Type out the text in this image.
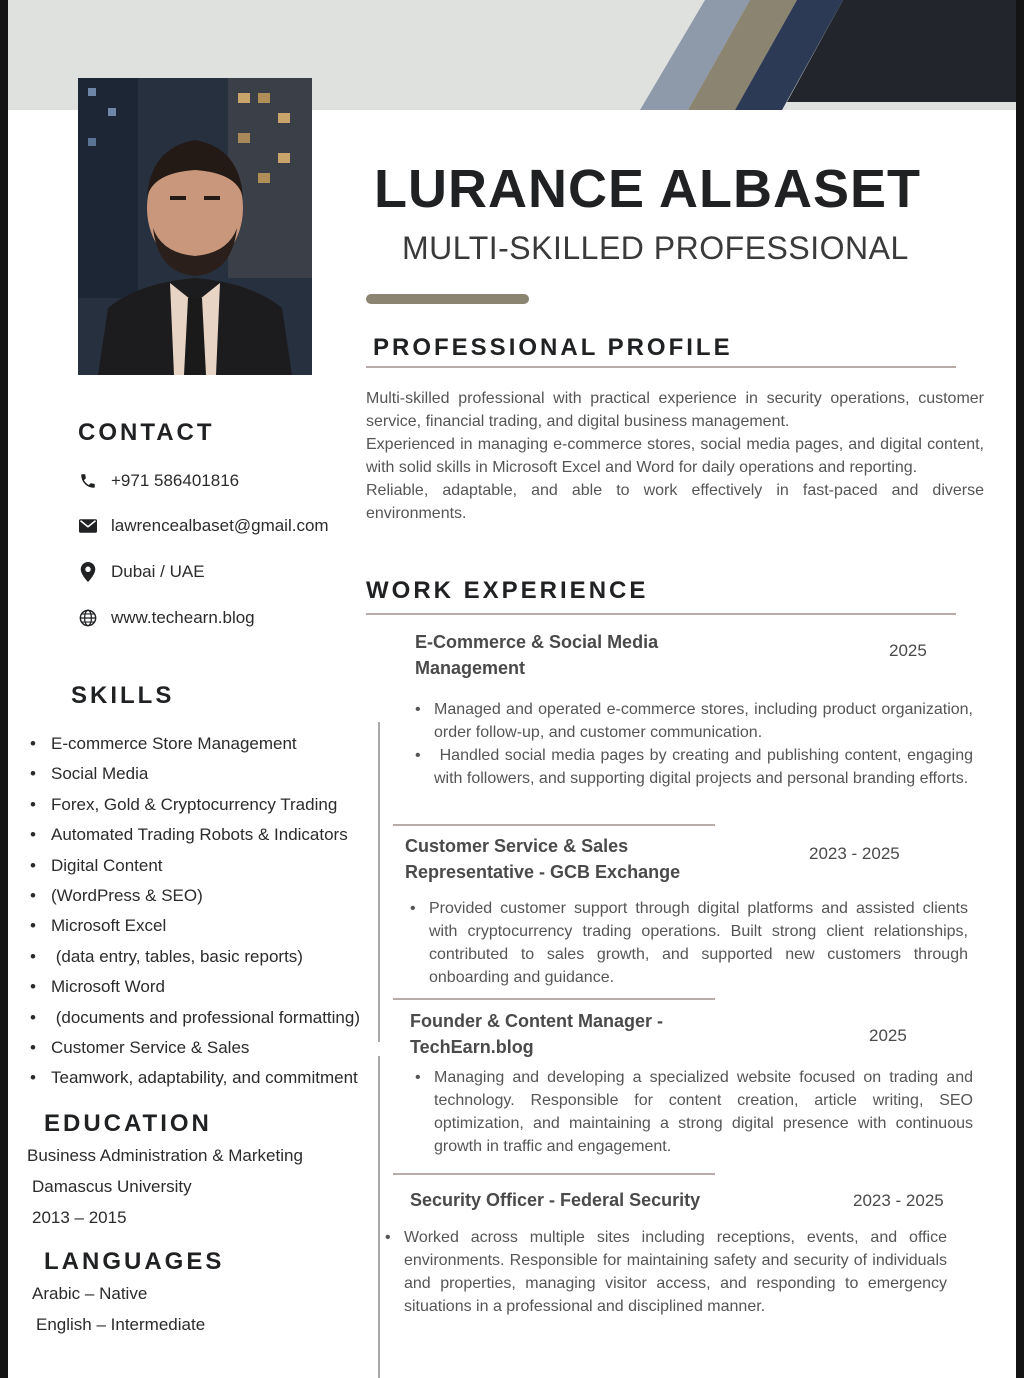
LURANCE ALBASET
MULTI-SKILLED PROFESSIONAL
PROFESSIONAL PROFILE

Multi-skilled professional with practical experience in security operations, customer service, financial trading, and digital business management.

Experienced in managing e-commerce stores, social media pages, and digital content, with solid skills in Microsoft Excel and Word for daily operations and reporting.

Reliable, adaptable, and able to work effectively in fast-paced and diverse environments.

CONTACT
+971 586401816
lawrencealbaset@gmail.com
Dubai / UAE
www.techearn.blog
SKILLS
• E-commerce Store Management
• Social Media
• Forex, Gold & Cryptocurrency Trading
• Automated Trading Robots & Indicators
• Digital Content
• (WordPress & SEO)
• Microsoft Excel
• (data entry, tables, basic reports)
• Microsoft Word
• (documents and professional formatting)
• Customer Service & Sales
• Teamwork, adaptability, and commitment
EDUCATION
Business Administration & Marketing
Damascus University
2013 – 2015
LANGUAGES
Arabic – Native
English – Intermediate
WORK EXPERIENCE
E-Commerce & Social Media Management
2025
• Managed and operated e-commerce stores, including product organization, order follow-up, and customer communication.
•  Handled social media pages by creating and publishing content, engaging with followers, and supporting digital projects and personal branding efforts.
Customer Service & Sales Representative - GCB Exchange
2023 - 2025
• Provided customer support through digital platforms and assisted clients with cryptocurrency trading operations. Built strong client relationships, contributed to sales growth, and supported new customers through onboarding and guidance.
Founder & Content Manager - TechEarn.blog
2025
• Managing and developing a specialized website focused on trading and technology. Responsible for content creation, article writing, SEO optimization, and maintaining a strong digital presence with continuous growth in traffic and engagement.
Security Officer - Federal Security	2023 - 2025
• Worked across multiple sites including receptions, events, and office environments. Responsible for maintaining safety and security of individuals and properties, managing visitor access, and responding to emergency situations in a professional and disciplined manner.
